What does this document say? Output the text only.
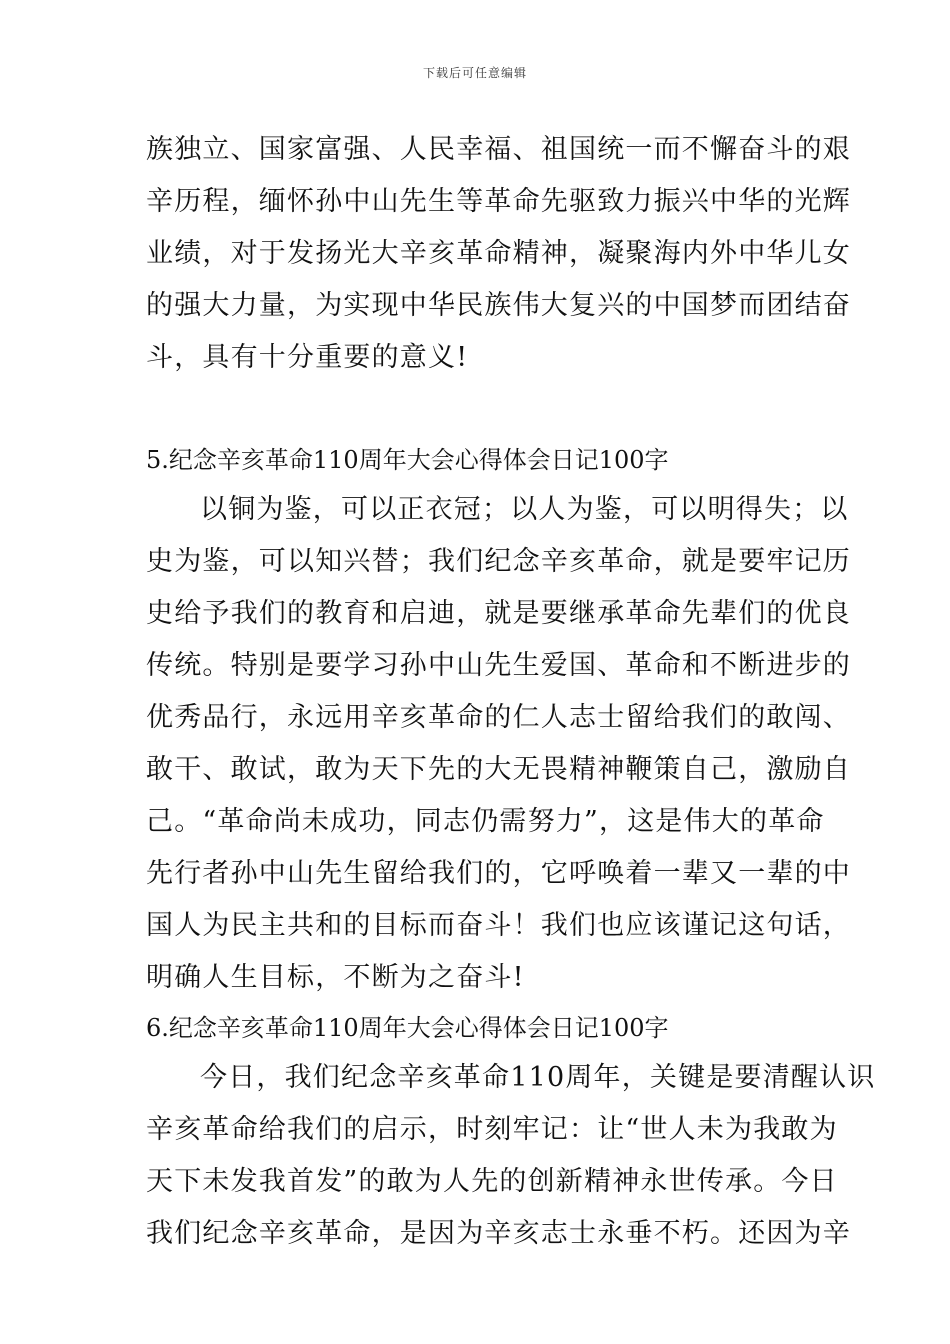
下载后可任意编辑
族独立、国家富强、人民幸福、祖国统一而不懈奋斗的艰
辛历程，缅怀孙中山先生等革命先驱致力振兴中华的光辉
业绩，对于发扬光大辛亥革命精神，凝聚海内外中华儿女
的强大力量，为实现中华民族伟大复兴的中国梦而团结奋
斗，具有十分重要的意义!
5.纪念辛亥革命110周年大会心得体会日记100字
以铜为鉴，可以正衣冠；以人为鉴，可以明得失；以
史为鉴，可以知兴替；我们纪念辛亥革命，就是要牢记历
史给予我们的教育和启迪，就是要继承革命先辈们的优良
传统。特别是要学习孙中山先生爱国、革命和不断进步的
优秀品行，永远用辛亥革命的仁人志士留给我们的敢闯、
敢干、敢试，敢为天下先的大无畏精神鞭策自己，激励自
己。“革命尚未成功，同志仍需努力”，这是伟大的革命
先行者孙中山先生留给我们的，它呼唤着一辈又一辈的中
国人为民主共和的目标而奋斗！我们也应该谨记这句话，
明确人生目标，不断为之奋斗!
6.纪念辛亥革命110周年大会心得体会日记100字
今日，我们纪念辛亥革命110周年，关键是要清醒认识
辛亥革命给我们的启示，时刻牢记：让“世人未为我敢为
天下未发我首发”的敢为人先的创新精神永世传承。今日
我们纪念辛亥革命，是因为辛亥志士永垂不朽。还因为辛
